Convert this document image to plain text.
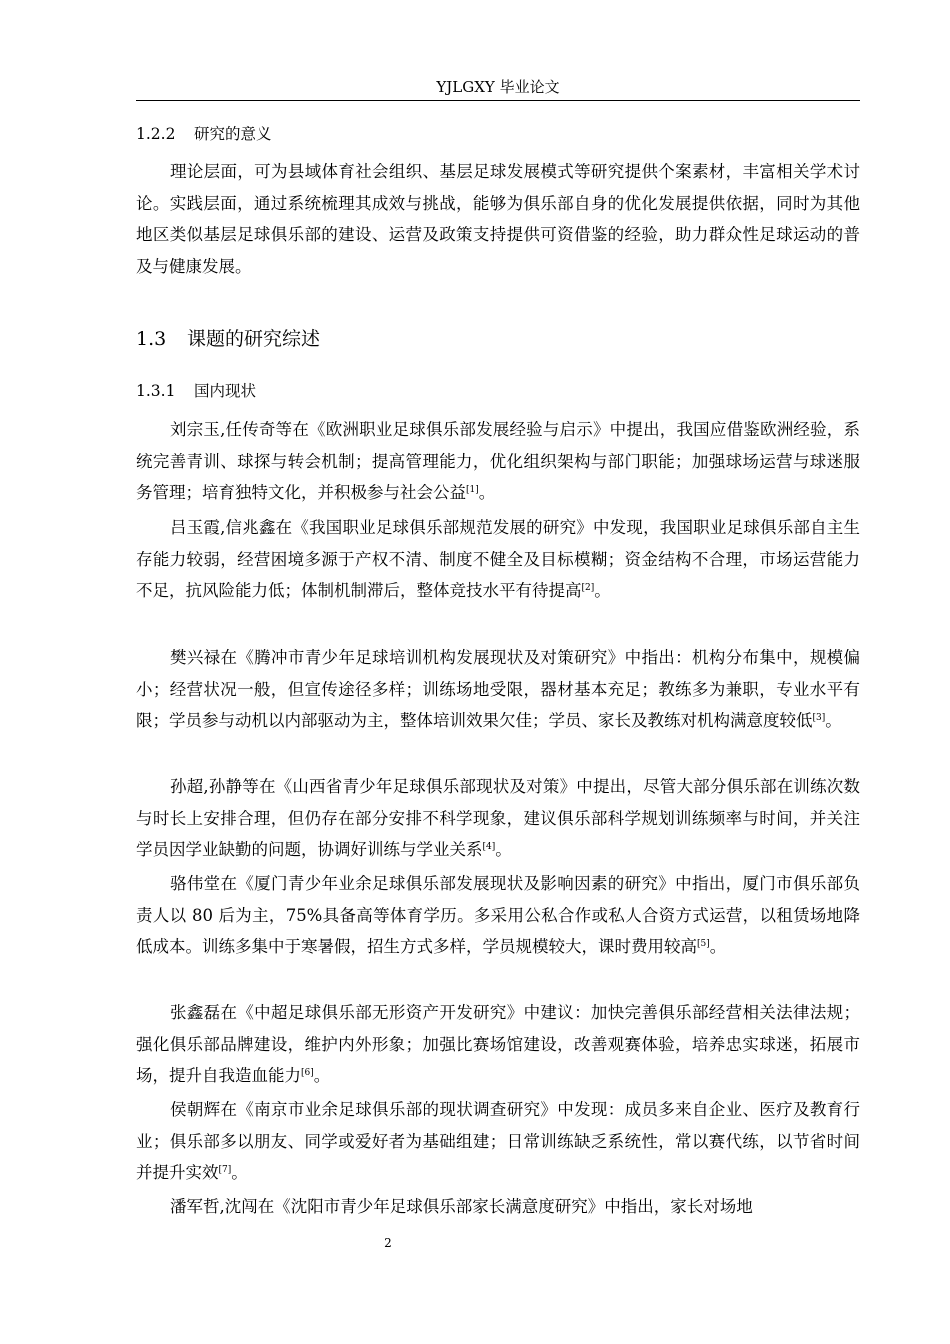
YJLGXY 毕业论文
1.2.2 研究的意义

理论层面，可为县域体育社会组织、基层足球发展模式等研究提供个案素材，丰富相关学术讨论。实践层面，通过系统梳理其成效与挑战，能够为俱乐部自身的优化发展提供依据，同时为其他地区类似基层足球俱乐部的建设、运营及政策支持提供可资借鉴的经验，助力群众性足球运动的普及与健康发展。

1.3 课题的研究综述
1.3.1 国内现状

刘宗玉,任传奇等在《欧洲职业足球俱乐部发展经验与启示》中提出，我国应借鉴欧洲经验，系统完善青训、球探与转会机制；提高管理能力，优化组织架构与部门职能；加强球场运营与球迷服务管理；培育独特文化，并积极参与社会公益[1]。

吕玉霞,信兆鑫在《我国职业足球俱乐部规范发展的研究》中发现，我国职业足球俱乐部自主生存能力较弱，经营困境多源于产权不清、制度不健全及目标模糊；资金结构不合理，市场运营能力不足，抗风险能力低；体制机制滞后，整体竞技水平有待提高[2]。

樊兴禄在《腾冲市青少年足球培训机构发展现状及对策研究》中指出：机构分布集中，规模偏小；经营状况一般，但宣传途径多样；训练场地受限，器材基本充足；教练多为兼职，专业水平有限；学员参与动机以内部驱动为主，整体培训效果欠佳；学员、家长及教练对机构满意度较低[3]。

孙超,孙静等在《山西省青少年足球俱乐部现状及对策》中提出，尽管大部分俱乐部在训练次数与时长上安排合理，但仍存在部分安排不科学现象，建议俱乐部科学规划训练频率与时间，并关注学员因学业缺勤的问题，协调好训练与学业关系[4]。

骆伟堂在《厦门青少年业余足球俱乐部发展现状及影响因素的研究》中指出，厦门市俱乐部负责人以 80 后为主，75%具备高等体育学历。多采用公私合作或私人合资方式运营，以租赁场地降低成本。训练多集中于寒暑假，招生方式多样，学员规模较大，课时费用较高[5]。

张鑫磊在《中超足球俱乐部无形资产开发研究》中建议：加快完善俱乐部经营相关法律法规；强化俱乐部品牌建设，维护内外形象；加强比赛场馆建设，改善观赛体验，培养忠实球迷，拓展市场，提升自我造血能力[6]。

侯朝辉在《南京市业余足球俱乐部的现状调查研究》中发现：成员多来自企业、医疗及教育行业；俱乐部多以朋友、同学或爱好者为基础组建；日常训练缺乏系统性，常以赛代练，以节省时间并提升实效[7]。

潘军哲,沈闯在《沈阳市青少年足球俱乐部家长满意度研究》中指出，家长对场地

2
